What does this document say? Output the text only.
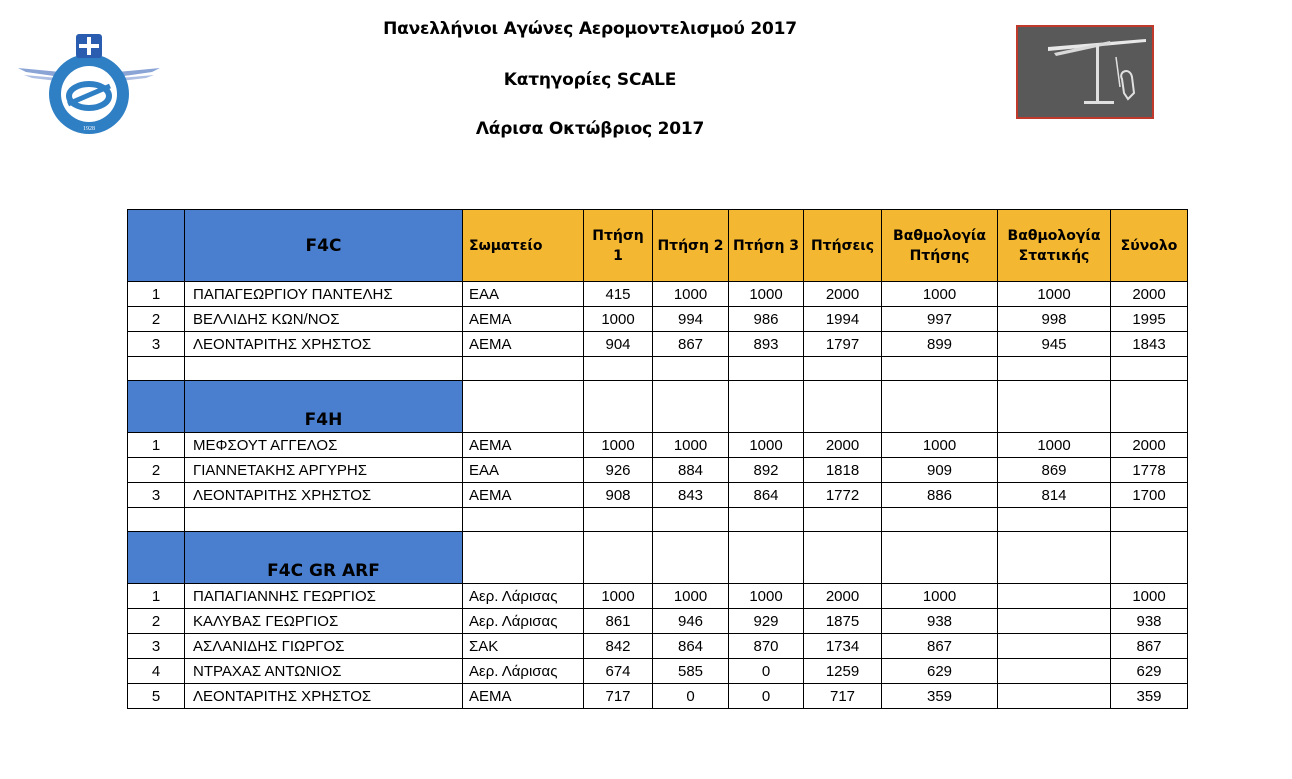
1928
Πανελλήνιοι Αγώνες Αερομοντελισμού 2017
Κατηγορίες SCALE
Λάρισα Οκτώβριος 2017
	F4C	Σωματείο	Πτήση 1	Πτήση 2	Πτήση 3	Πτήσεις	Βαθμολογία Πτήσης	Βαθμολογία Στατικής	Σύνολο
1	ΠΑΠΑΓΕΩΡΓΙΟΥ ΠΑΝΤΕΛΗΣ	ΕΑΑ	415	1000	1000	2000	1000	1000	2000
2	ΒΕΛΛΙΔΗΣ ΚΩΝ/ΝΟΣ	ΑΕΜΑ	1000	994	986	1994	997	998	1995
3	ΛΕΟΝΤΑΡΙΤΗΣ ΧΡΗΣΤΟΣ	ΑΕΜΑ	904	867	893	1797	899	945	1843

	F4H								
1	ΜΕΦΣΟΥΤ ΑΓΓΕΛΟΣ	ΑΕΜΑ	1000	1000	1000	2000	1000	1000	2000
2	ΓΙΑΝΝΕΤΑΚΗΣ ΑΡΓΥΡΗΣ	ΕΑΑ	926	884	892	1818	909	869	1778
3	ΛΕΟΝΤΑΡΙΤΗΣ ΧΡΗΣΤΟΣ	ΑΕΜΑ	908	843	864	1772	886	814	1700

	F4C GR ARF								
1	ΠΑΠΑΓΙΑΝΝΗΣ ΓΕΩΡΓΙΟΣ	Αερ. Λάρισας	1000	1000	1000	2000	1000		1000
2	ΚΑΛΥΒΑΣ ΓΕΩΡΓΙΟΣ	Αερ. Λάρισας	861	946	929	1875	938		938
3	ΑΣΛΑΝΙΔΗΣ ΓΙΩΡΓΟΣ	ΣΑΚ	842	864	870	1734	867		867
4	ΝΤΡΑΧΑΣ ΑΝΤΩΝΙΟΣ	Αερ. Λάρισας	674	585	0	1259	629		629
5	ΛΕΟΝΤΑΡΙΤΗΣ ΧΡΗΣΤΟΣ	ΑΕΜΑ	717	0	0	717	359		359
